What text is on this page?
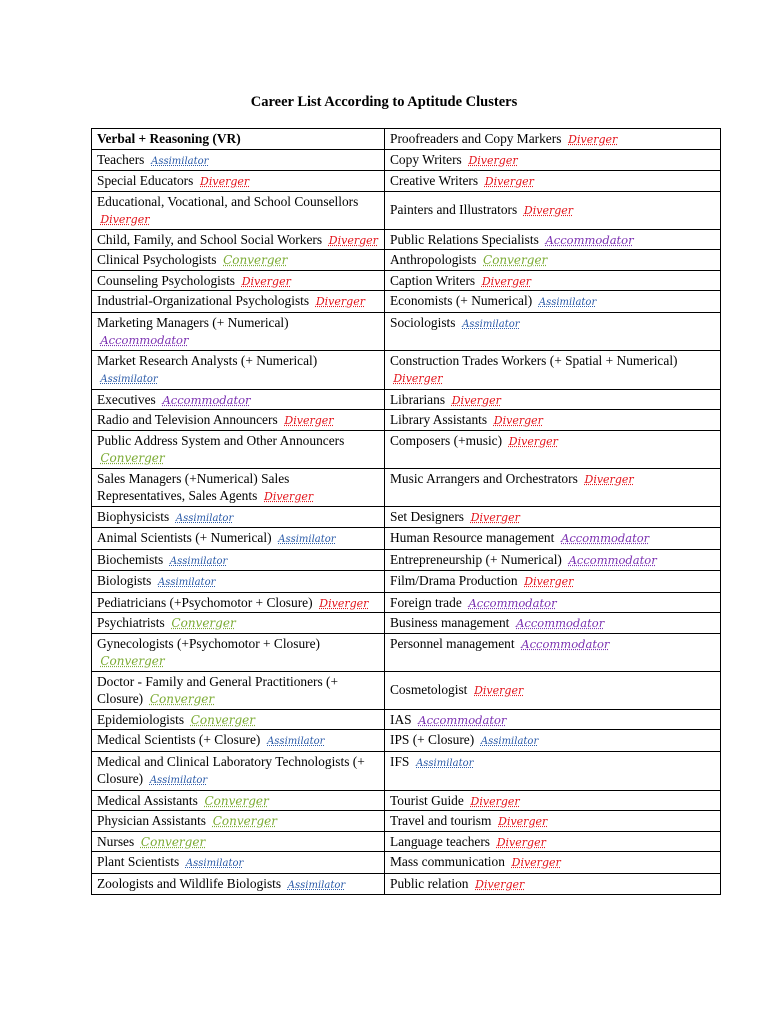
Career List According to Aptitude Clusters
Verbal + Reasoning (VR)	Proofreaders and Copy Markers Diverger
Teachers Assimilator	Copy Writers Diverger
Special Educators Diverger	Creative Writers Diverger
Educational, Vocational, and School Counsellors  Diverger	Painters and Illustrators Diverger
Child, Family, and School Social Workers Diverger	Public Relations Specialists Accommodator
Clinical Psychologists Converger	Anthropologists Converger
Counseling Psychologists Diverger	Caption Writers Diverger
Industrial-Organizational Psychologists Diverger	Economists (+ Numerical) Assimilator
Marketing Managers (+ Numerical)  Accommodator	Sociologists Assimilator
Market Research Analysts (+ Numerical)  Assimilator	Construction Trades Workers (+ Spatial + Numerical)  Diverger
Executives Accommodator	Librarians Diverger
Radio and Television Announcers Diverger	Library Assistants Diverger
Public Address System and Other Announcers  Converger	Composers (+music) Diverger
Sales Managers (+Numerical) Sales Representatives, Sales Agents Diverger	Music Arrangers and Orchestrators Diverger
Biophysicists Assimilator	Set Designers Diverger
Animal Scientists (+ Numerical) Assimilator	Human Resource management Accommodator
Biochemists Assimilator	Entrepreneurship (+ Numerical) Accommodator
Biologists Assimilator	Film/Drama Production Diverger
Pediatricians (+Psychomotor + Closure) Diverger	Foreign trade Accommodator
Psychiatrists Converger	Business management Accommodator
Gynecologists (+Psychomotor + Closure)  Converger	Personnel management Accommodator
Doctor - Family and General Practitioners (+ Closure) Converger	Cosmetologist Diverger
Epidemiologists Converger	IAS Accommodator
Medical Scientists (+ Closure) Assimilator	IPS (+ Closure) Assimilator
Medical and Clinical Laboratory Technologists (+ Closure) Assimilator	IFS Assimilator
Medical Assistants Converger	Tourist Guide Diverger
Physician Assistants Converger	Travel and tourism Diverger
Nurses Converger	Language teachers Diverger
Plant Scientists Assimilator	Mass communication Diverger
Zoologists and Wildlife Biologists Assimilator	Public relation Diverger
